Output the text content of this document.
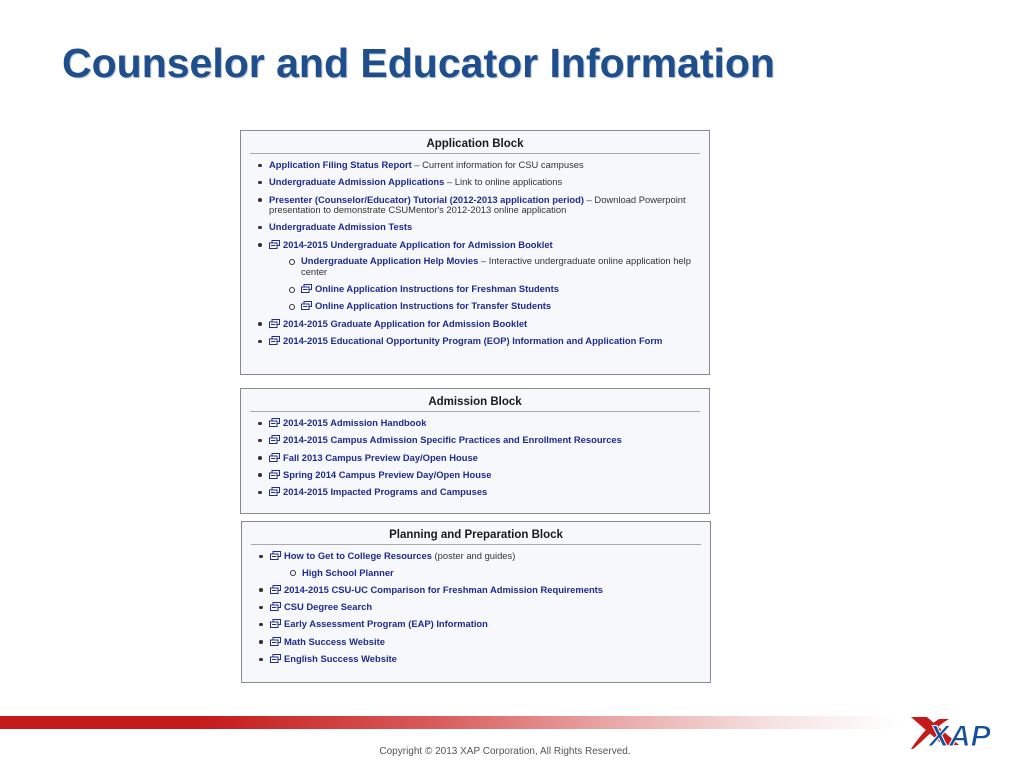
Counselor and Educator Information
Application Block
Application Filing Status Report – Current information for CSU campuses
Undergraduate Admission Applications – Link to online applications
Presenter (Counselor/Educator) Tutorial (2012-2013 application period) – Download Powerpoint presentation to demonstrate CSUMentor's 2012-2013 online application
Undergraduate Admission Tests
2014-2015 Undergraduate Application for Admission Booklet
Undergraduate Application Help Movies – Interactive undergraduate online application help center
Online Application Instructions for Freshman Students
Online Application Instructions for Transfer Students
2014-2015 Graduate Application for Admission Booklet
2014-2015 Educational Opportunity Program (EOP) Information and Application Form
Admission Block
2014-2015 Admission Handbook
2014-2015 Campus Admission Specific Practices and Enrollment Resources
Fall 2013 Campus Preview Day/Open House
Spring 2014 Campus Preview Day/Open House
2014-2015 Impacted Programs and Campuses
Planning and Preparation Block
How to Get to College Resources (poster and guides)
High School Planner
2014-2015 CSU-UC Comparison for Freshman Admission Requirements
CSU Degree Search
Early Assessment Program (EAP) Information
Math Success Website
English Success Website
XAP
Copyright © 2013 XAP Corporation, All Rights Reserved.
